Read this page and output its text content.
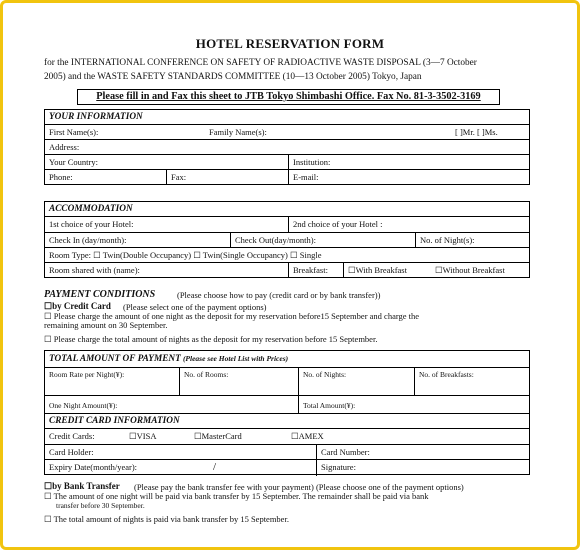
HOTEL RESERVATION FORM
for the INTERNATIONAL CONFERENCE ON SAFETY OF RADIOACTIVE WASTE DISPOSAL (3—7 October
2005) and the WASTE SAFETY STANDARDS COMMITTEE (10—13 October 2005) Tokyo, Japan
Please fill in and Fax this sheet to JTB Tokyo Shimbashi Office. Fax No. 81-3-3502-3169
YOUR INFORMATION
First Name(s):	Family Name(s):	[ ]Mr. [ ]Ms.
Address:
Your Country:	Institution:
Phone:	Fax:	E-mail:
ACCOMMODATION
1st choice of your Hotel:	2nd choice of your Hotel :
Check In (day/month):	Check Out(day/month):	No. of Night(s):
Room Type: ☐ Twin(Double Occupancy) ☐ Twin(Single Occupancy) ☐ Single
Room shared with (name):	Breakfast:	☐With Breakfast	☐Without Breakfast
PAYMENT CONDITIONS	(Please choose how to pay (credit card or by bank transfer))
☐by Credit Card (Please select one of the payment options)
☐ Please charge the amount of one night as the deposit for my reservation before15 September and charge the
remaining amount on 30 September.
☐ Please charge the total amount of nights as the deposit for my reservation before 15 September.
TOTAL AMOUNT OF PAYMENT (Please see Hotel List with Prices)
Room Rate per Night(¥):	No. of Rooms:	No. of Nights:	No. of Breakfasts:
One Night Amount(¥):	Total Amount(¥):
CREDIT CARD INFORMATION
Credit Cards:	☐VISA	☐MasterCard	☐AMEX
Card Holder:	Card Number:
Expiry Date(month/year):	/	Signature:
☐by Bank Transfer (Please pay the bank transfer fee with your payment) (Please choose one of the payment options)
☐ The amount of one night will be paid via bank transfer by 15 September. The remainder shall be paid via bank
transfer before 30 September.
☐ The total amount of nights is paid via bank transfer by 15 September.
